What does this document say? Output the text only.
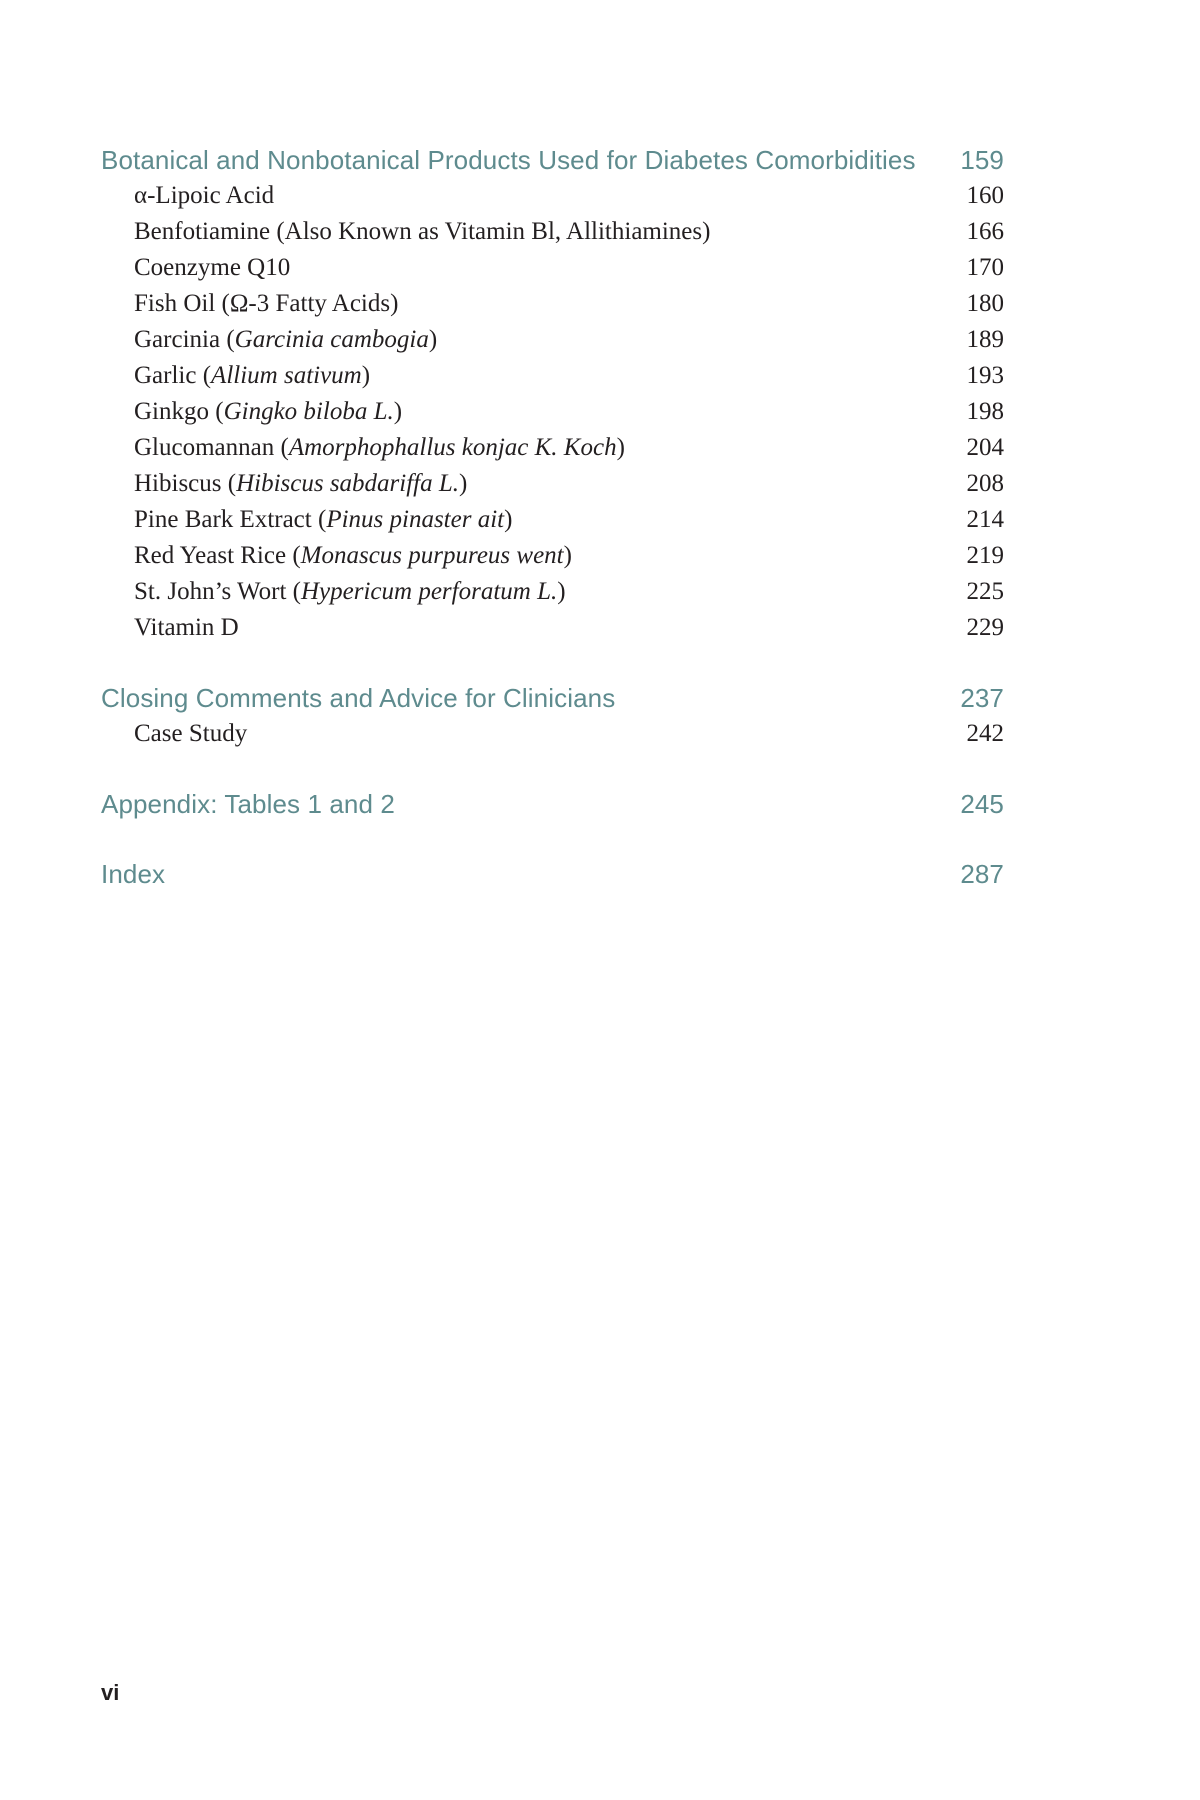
Botanical and Nonbotanical Products Used for Diabetes Comorbidities 159
α-Lipoic Acid	160
Benfotiamine (Also Known as Vitamin Bl, Allithiamines)	166
Coenzyme Q10	170
Fish Oil (Ω-3 Fatty Acids)	180
Garcinia (Garcinia cambogia)	189
Garlic (Allium sativum)	193
Ginkgo (Gingko biloba L.)	198
Glucomannan (Amorphophallus konjac K. Koch)	204
Hibiscus (Hibiscus sabdariffa L.)	208
Pine Bark Extract (Pinus pinaster ait)	214
Red Yeast Rice (Monascus purpureus went)	219
St. John’s Wort (Hypericum perforatum L.)	225
Vitamin D	229
Closing Comments and Advice for Clinicians	237
Case Study	242
Appendix: Tables 1 and 2	245
Index	287
vi
